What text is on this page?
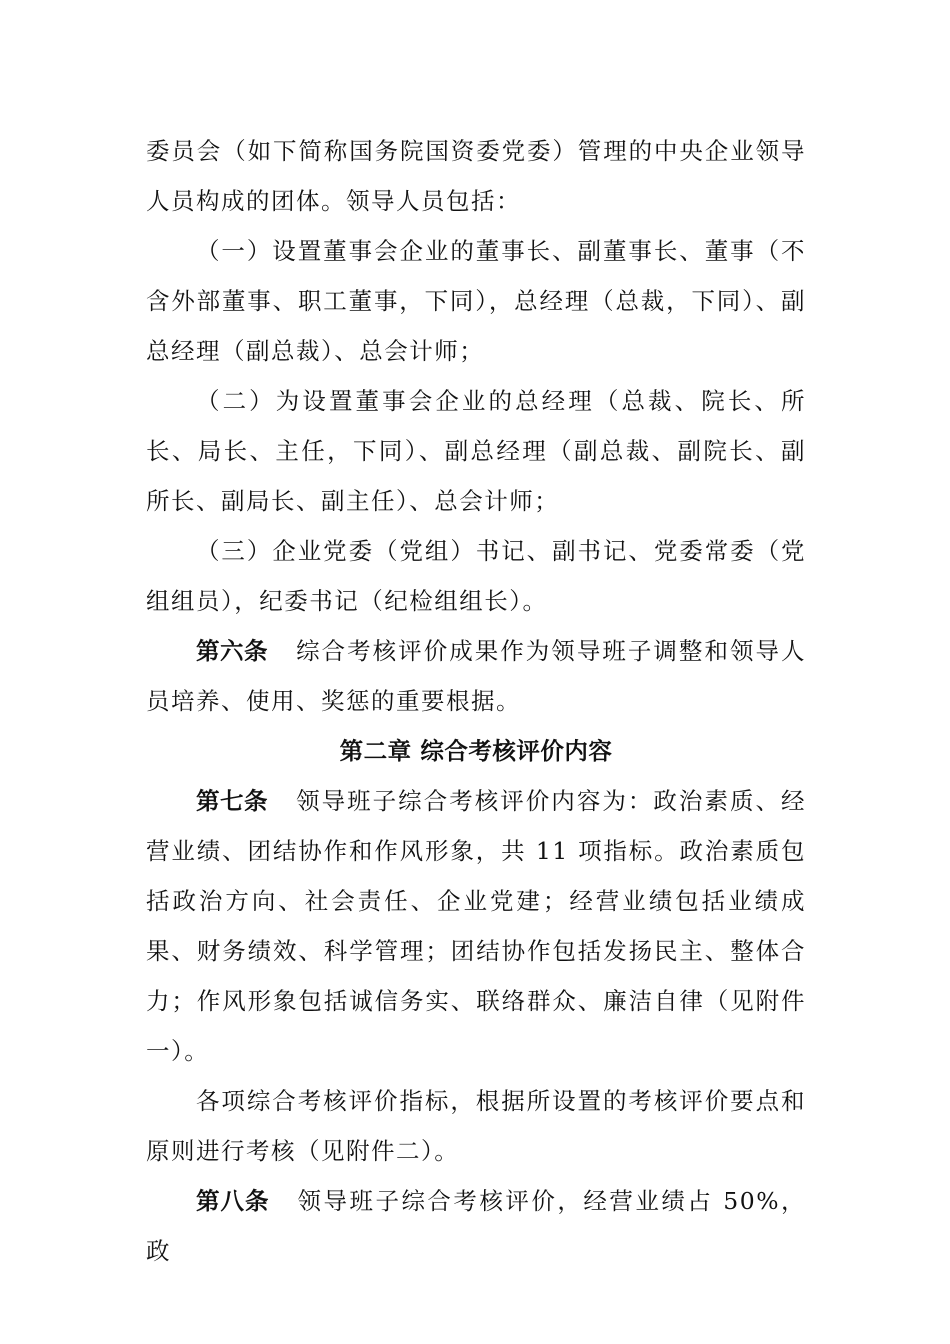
委员会（如下简称国务院国资委党委）管理的中央企业领导人员构成的团体。领导人员包括：

（一）设置董事会企业的董事长、副董事长、董事（不含外部董事、职工董事，下同），总经理（总裁，下同）、副总经理（副总裁）、总会计师；

（二）为设置董事会企业的总经理（总裁、院长、所长、局长、主任，下同）、副总经理（副总裁、副院长、副所长、副局长、副主任）、总会计师；

（三）企业党委（党组）书记、副书记、党委常委（党组组员），纪委书记（纪检组组长）。

第六条 综合考核评价成果作为领导班子调整和领导人员培养、使用、奖惩的重要根据。

第二章 综合考核评价内容

第七条 领导班子综合考核评价内容为：政治素质、经营业绩、团结协作和作风形象，共 11 项指标。政治素质包括政治方向、社会责任、企业党建；经营业绩包括业绩成果、财务绩效、科学管理；团结协作包括发扬民主、整体合力；作风形象包括诚信务实、联络群众、廉洁自律（见附件一）。

各项综合考核评价指标，根据所设置的考核评价要点和原则进行考核（见附件二）。

第八条 领导班子综合考核评价，经营业绩占 50%，政
